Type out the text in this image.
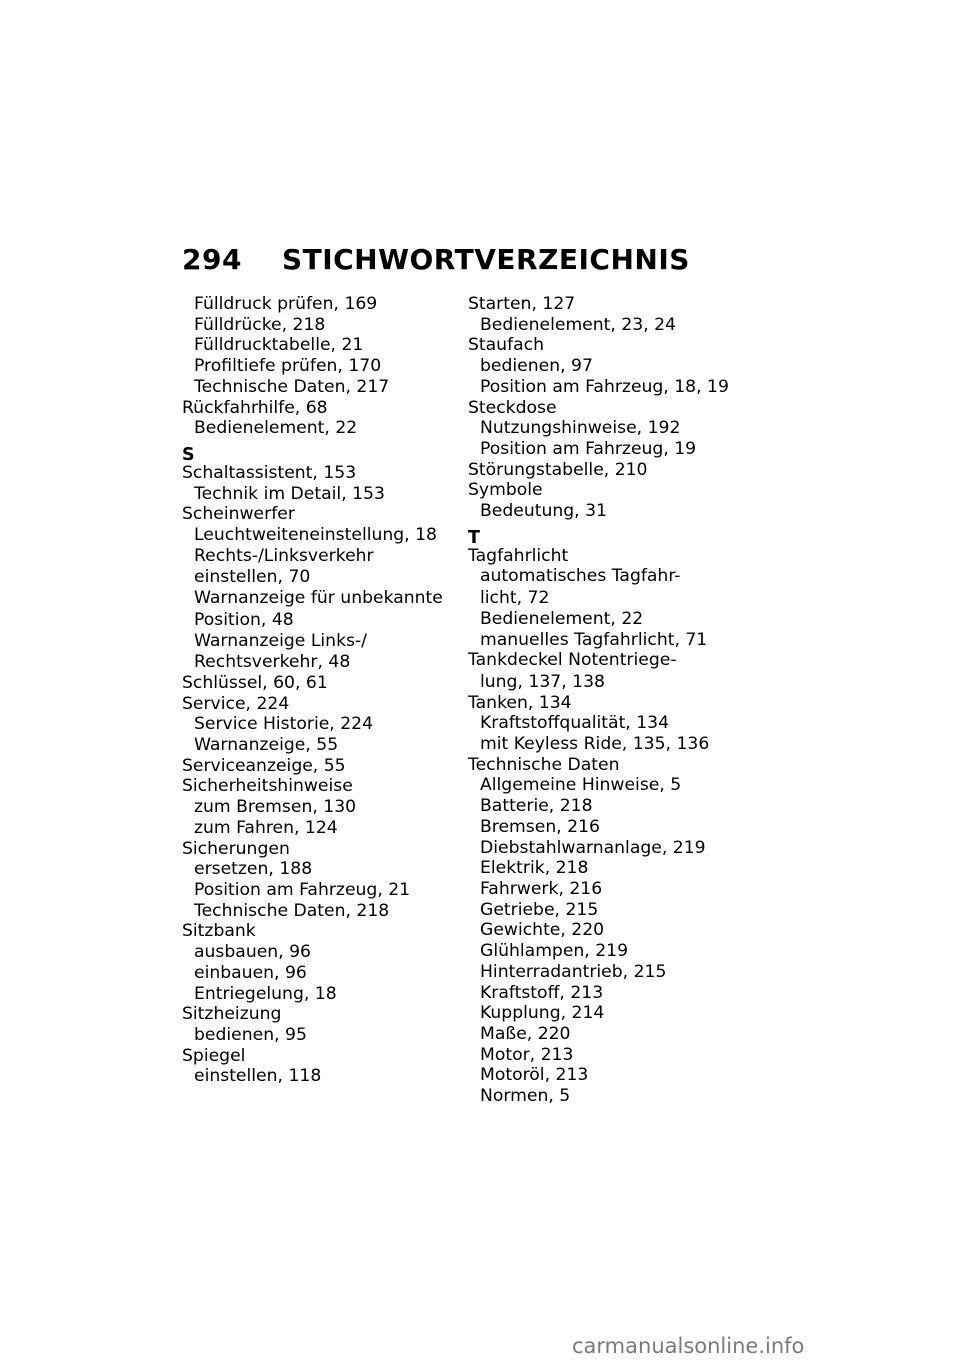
294 STICHWORTVERZEICHNIS
Fülldruck prüfen, 169
Fülldrücke, 218
Fülldrucktabelle, 21
Profiltiefe prüfen, 170
Technische Daten, 217
Rückfahrhilfe, 68
Bedienelement, 22
S
Schaltassistent, 153
Technik im Detail, 153
Scheinwerfer
Leuchtweiteneinstellung, 18
Rechts-/Linksverkehr
einstellen, 70
Warnanzeige für unbekannte
Position, 48
Warnanzeige Links-/
Rechtsverkehr, 48
Schlüssel, 60, 61
Service, 224
Service Historie, 224
Warnanzeige, 55
Serviceanzeige, 55
Sicherheitshinweise
zum Bremsen, 130
zum Fahren, 124
Sicherungen
ersetzen, 188
Position am Fahrzeug, 21
Technische Daten, 218
Sitzbank
ausbauen, 96
einbauen, 96
Entriegelung, 18
Sitzheizung
bedienen, 95
Spiegel
einstellen, 118
Starten, 127
Bedienelement, 23, 24
Staufach
bedienen, 97
Position am Fahrzeug, 18, 19
Steckdose
Nutzungshinweise, 192
Position am Fahrzeug, 19
Störungstabelle, 210
Symbole
Bedeutung, 31
T
Tagfahrlicht
automatisches Tagfahr-
licht, 72
Bedienelement, 22
manuelles Tagfahrlicht, 71
Tankdeckel Notentriege-
lung, 137, 138
Tanken, 134
Kraftstoffqualität, 134
mit Keyless Ride, 135, 136
Technische Daten
Allgemeine Hinweise, 5
Batterie, 218
Bremsen, 216
Diebstahlwarnanlage, 219
Elektrik, 218
Fahrwerk, 216
Getriebe, 215
Gewichte, 220
Glühlampen, 219
Hinterradantrieb, 215
Kraftstoff, 213
Kupplung, 214
Maße, 220
Motor, 213
Motoröl, 213
Normen, 5
carmanualsonline.info
